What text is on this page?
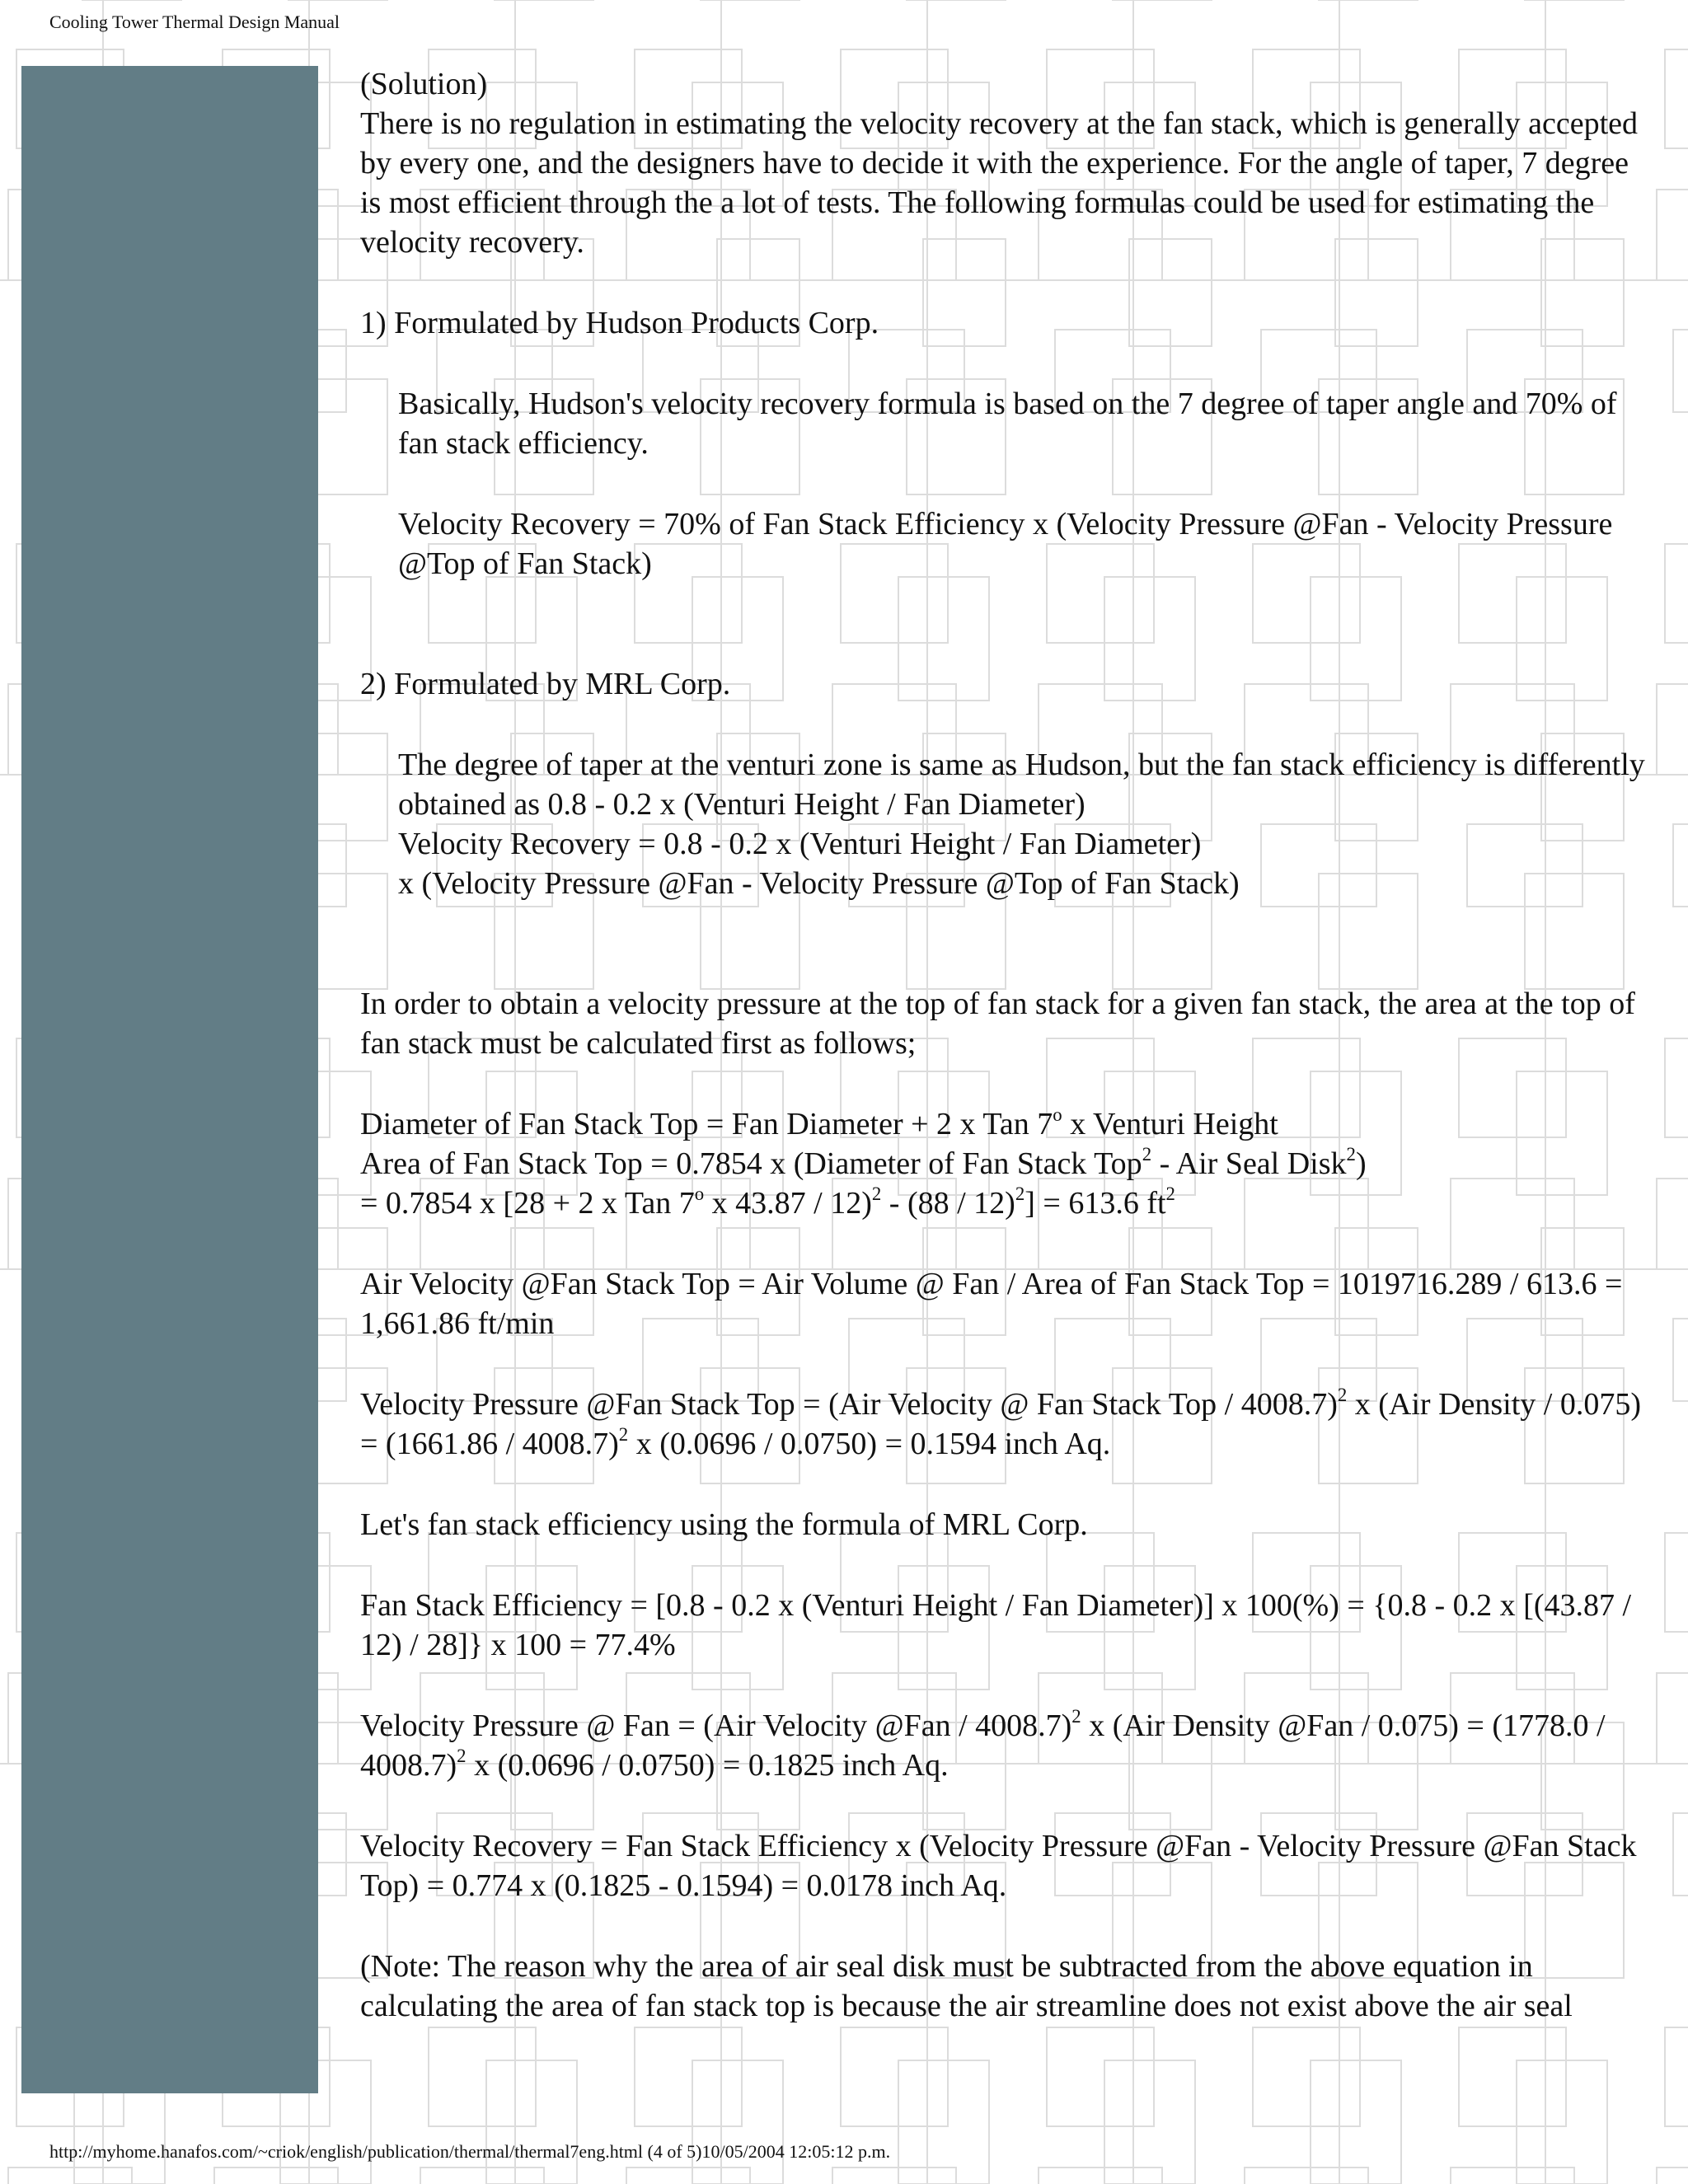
Cooling Tower Thermal Design Manual

(Solution)

There is no regulation in estimating the velocity recovery at the fan stack, which is generally accepted by every one, and the designers have to decide it with the experience. For the angle of taper, 7 degree is most efficient through the a lot of tests. The following formulas could be used for estimating the velocity recovery.

1) Formulated by Hudson Products Corp.

Basically, Hudson's velocity recovery formula is based on the 7 degree of taper angle and 70% of fan stack efficiency.

Velocity Recovery = 70% of Fan Stack Efficiency x (Velocity Pressure @Fan - Velocity Pressure @Top of Fan Stack)

2) Formulated by MRL Corp.

The degree of taper at the venturi zone is same as Hudson, but the fan stack efficiency is differently obtained as 0.8 - 0.2 x (Venturi Height / Fan Diameter)

Velocity Recovery = 0.8 - 0.2 x (Venturi Height / Fan Diameter)

x (Velocity Pressure @Fan - Velocity Pressure @Top of Fan Stack)

In order to obtain a velocity pressure at the top of fan stack for a given fan stack, the area at the top of fan stack must be calculated first as follows;

Diameter of Fan Stack Top = Fan Diameter + 2 x Tan 7$^o$ x Venturi Height

Area of Fan Stack Top = 0.7854 x (Diameter of Fan Stack Top$^2$ - Air Seal Disk$^2$)

= 0.7854 x [28 + 2 x Tan 7$^o$ x 43.87 / 12)$^2$ - (88 / 12)$^2$] = 613.6 $ft^2$

Air Velocity @Fan Stack Top = Air Volume @ Fan / Area of Fan Stack Top = 1019716.289 / 613.6 = 1,661.86 ft/min

Velocity Pressure @Fan Stack Top = (Air Velocity @ Fan Stack Top / 4008.7)$^2$ x (Air Density / 0.075) = (1661.86 / 4008.7)$^2$ x (0.0696 / 0.0750) = 0.1594 inch Aq.

Let's fan stack efficiency using the formula of MRL Corp.

Fan Stack Efficiency = [0.8 - 0.2 x (Venturi Height / Fan Diameter)] x 100(%) = {0.8 - 0.2 x [(43.87 / 12) / 28]} x 100 = 77.4%

Velocity Pressure @ Fan = (Air Velocity @Fan / 4008.7)$^2$ x (Air Density @Fan / 0.075) = (1778.0 / 4008.7)$^2$ x (0.0696 / 0.0750) = 0.1825 inch Aq.

Velocity Recovery = Fan Stack Efficiency x (Velocity Pressure @Fan - Velocity Pressure @Fan Stack Top) = 0.774 x (0.1825 - 0.1594) = 0.0178 inch Aq.

(Note: The reason why the area of air seal disk must be subtracted from the above equation in calculating the area of fan stack top is because the air streamline does not exist above the air seal

http://myhome.hanafos.com/~criok/english/publication/thermal/thermal7eng.html (4 of 5)10/05/2004 12:05:12 p.m.
